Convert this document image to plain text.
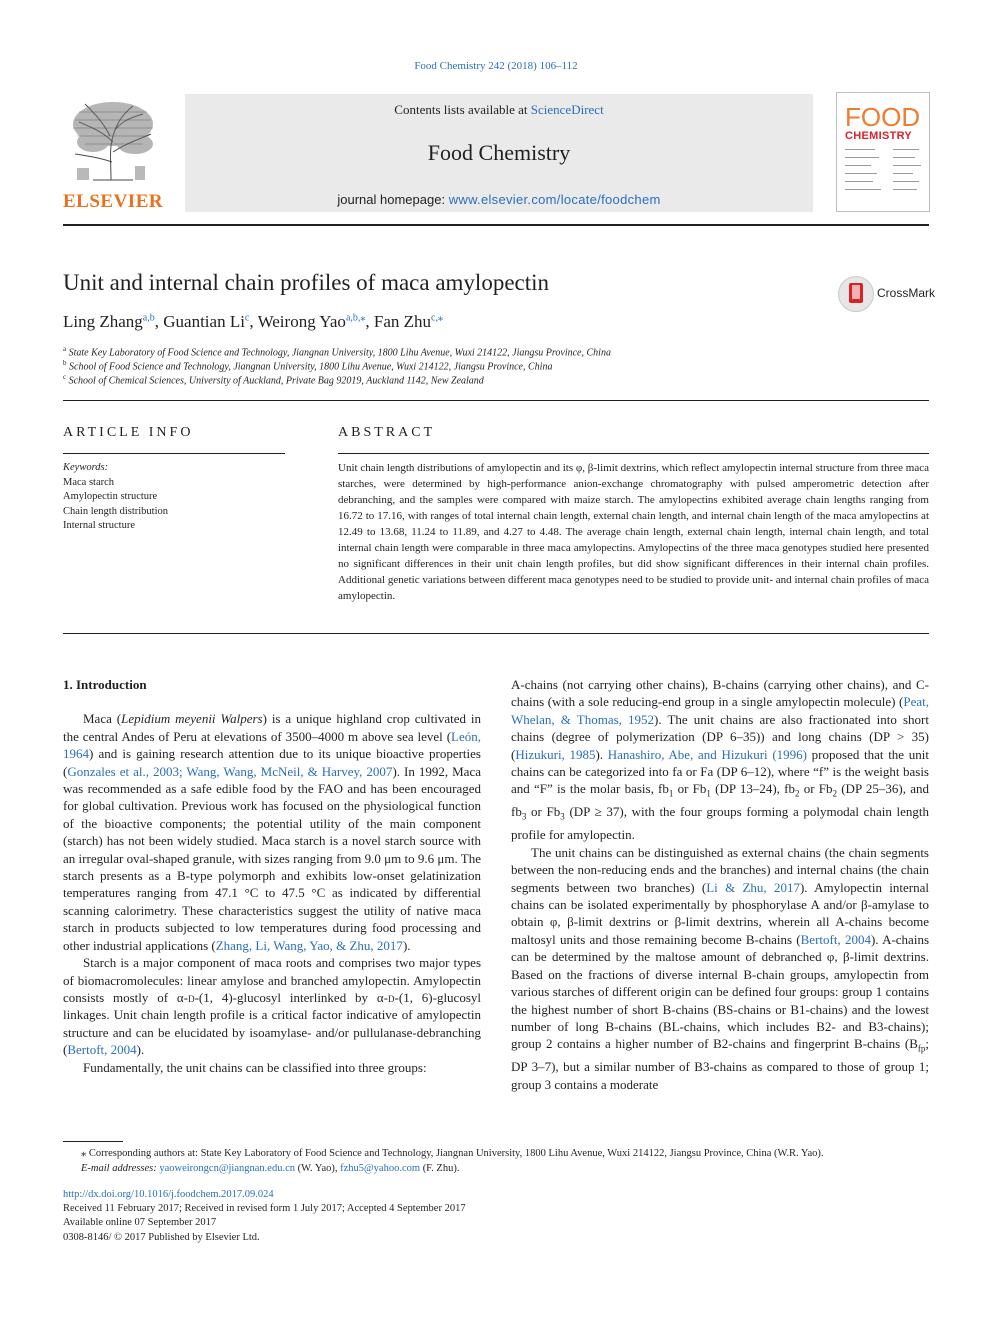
Food Chemistry 242 (2018) 106–112
ELSEVIER
Contents lists available at ScienceDirect
Food Chemistry
journal homepage: www.elsevier.com/locate/foodchem
FOOD
CHEMISTRY
Unit and internal chain profiles of maca amylopectin	CrossMark
Ling Zhang$^{a,b}$, Guantian Li$^c$, Weirong Yao$^{a,b,⁎}$, Fan Zhu$^{c,⁎}$
$^a$ State Key Laboratory of Food Science and Technology, Jiangnan University, 1800 Lihu Avenue, Wuxi 214122, Jiangsu Province, China
$^b$ School of Food Science and Technology, Jiangnan University, 1800 Lihu Avenue, Wuxi 214122, Jiangsu Province, China
$^c$ School of Chemical Sciences, University of Auckland, Private Bag 92019, Auckland 1142, New Zealand
ARTICLE INFO
Keywords:
Maca starch
Amylopectin structure
Chain length distribution
Internal structure
ABSTRACT
Unit chain length distributions of amylopectin and its φ, β-limit dextrins, which reflect amylopectin internal structure from three maca starches, were determined by high-performance anion-exchange chromatography with pulsed amperometric detection after debranching, and the samples were compared with maize starch. The amylopectins exhibited average chain lengths ranging from 16.72 to 17.16, with ranges of total internal chain length, external chain length, and internal chain length of the maca amylopectins at 12.49 to 13.68, 11.24 to 11.89, and 4.27 to 4.48. The average chain length, external chain length, internal chain length, and total internal chain length were comparable in three maca amylopectins. Amylopectins of the three maca genotypes studied here presented no significant differences in their unit chain length profiles, but did show significant differences in their internal chain profiles. Additional genetic variations between different maca genotypes need to be studied to provide unit- and internal chain profiles of maca amylopectin.
1. Introduction

Maca (Lepidium meyenii Walpers) is a unique highland crop cultivated in the central Andes of Peru at elevations of 3500–4000 m above sea level (León, 1964) and is gaining research attention due to its unique bioactive properties (Gonzales et al., 2003; Wang, Wang, McNeil, & Harvey, 2007). In 1992, Maca was recommended as a safe edible food by the FAO and has been encouraged for global cultivation. Previous work has focused on the physiological function of the bioactive components; the potential utility of the main component (starch) has not been widely studied. Maca starch is a novel starch source with an irregular oval-shaped granule, with sizes ranging from 9.0 μm to 9.6 μm. The starch presents as a B-type polymorph and exhibits low-onset gelatinization temperatures ranging from 47.1 °C to 47.5 °C as indicated by differential scanning calorimetry. These characteristics suggest the utility of native maca starch in products subjected to low temperatures during food processing and other industrial applications (Zhang, Li, Wang, Yao, & Zhu, 2017).

Starch is a major component of maca roots and comprises two major types of biomacromolecules: linear amylose and branched amylopectin. Amylopectin consists mostly of α-d-(1, 4)-glucosyl interlinked by α-d-(1, 6)-glucosyl linkages. Unit chain length profile is a critical factor indicative of amylopectin structure and can be elucidated by isoamylase- and/or pullulanase-debranching (Bertoft, 2004).

Fundamentally, the unit chains can be classified into three groups:

A-chains (not carrying other chains), B-chains (carrying other chains), and C-chains (with a sole reducing-end group in a single amylopectin molecule) (Peat, Whelan, & Thomas, 1952). The unit chains are also fractionated into short chains (degree of polymerization (DP 6–35)) and long chains (DP > 35) (Hizukuri, 1985). Hanashiro, Abe, and Hizukuri (1996) proposed that the unit chains can be categorized into fa or Fa (DP 6–12), where “f” is the weight basis and “F” is the molar basis, $fb_1$ or $Fb_1$ (DP 13–24), $fb_2$ or $Fb_2$ (DP 25–36), and $fb_3$ or $Fb_3$ (DP ≥ 37), with the four groups forming a polymodal chain length profile for amylopectin.

The unit chains can be distinguished as external chains (the chain segments between the non-reducing ends and the branches) and internal chains (the chain segments between two branches) (Li & Zhu, 2017). Amylopectin internal chains can be isolated experimentally by phosphorylase A and/or β-amylase to obtain φ, β-limit dextrins or β-limit dextrins, wherein all A-chains become maltosyl units and those remaining become B-chains (Bertoft, 2004). A-chains can be determined by the maltose amount of debranched φ, β-limit dextrins. Based on the fractions of diverse internal B-chain groups, amylopectin from various starches of different origin can be defined four groups: group 1 contains the highest number of short B-chains (BS-chains or B1-chains) and the lowest number of long B-chains (BL-chains, which includes B2- and B3-chains); group 2 contains a higher number of B2-chains and fingerprint B-chains ($B_{fp}$; DP 3–7), but a similar number of B3-chains as compared to those of group 1; group 3 contains a moderate

⁎ Corresponding authors at: State Key Laboratory of Food Science and Technology, Jiangnan University, 1800 Lihu Avenue, Wuxi 214122, Jiangsu Province, China (W.R. Yao).
E-mail addresses: yaoweirongcn@jiangnan.edu.cn (W. Yao), fzhu5@yahoo.com (F. Zhu).
http://dx.doi.org/10.1016/j.foodchem.2017.09.024
Received 11 February 2017; Received in revised form 1 July 2017; Accepted 4 September 2017
Available online 07 September 2017
0308-8146/ © 2017 Published by Elsevier Ltd.
